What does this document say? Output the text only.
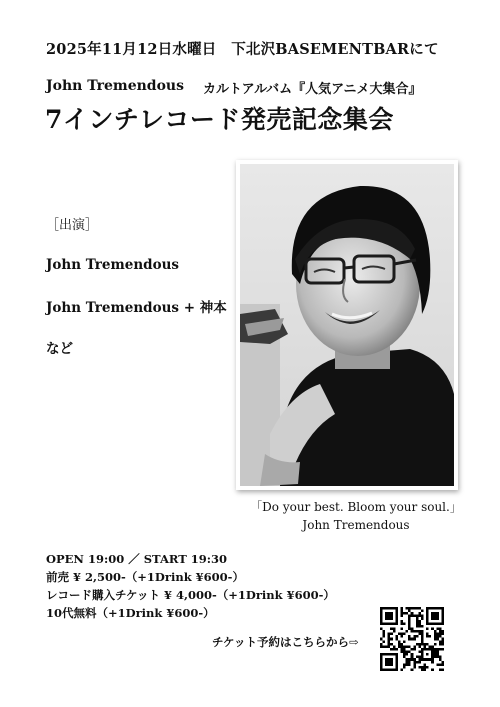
2025年11月12日水曜日　下北沢BASEMENTBARにて
John Tremendous カルトアルバム『人気アニメ大集合』
7インチレコード発売記念集会
［出演］
John Tremendous
John Tremendous + 神本
など
「Do your best. Bloom your soul.」
John Tremendous
OPEN 19:00 ／ START 19:30
前売 ¥ 2,500-（+1Drink ¥600-）
レコード購入チケット ¥ 4,000-（+1Drink ¥600-）
10代無料（+1Drink ¥600-）
チケット予約はこちらから⇨
